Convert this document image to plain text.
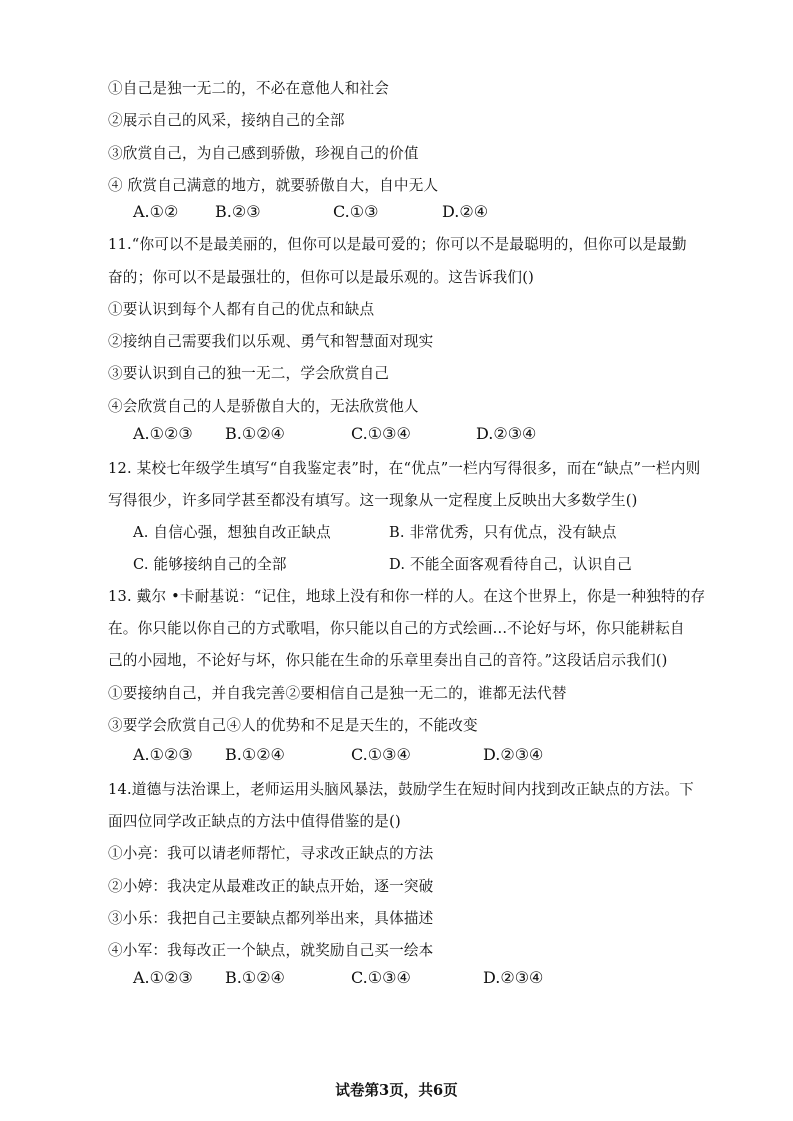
①自己是独一无二的，不必在意他人和社会
②展示自己的风采，接纳自己的全部
③欣赏自己，为自己感到骄傲，珍视自己的价值
④ 欣赏自己满意的地方，就要骄傲自大，自中无人
A.①② B.②③	C.①③	D.②④
11.“你可以不是最美丽的，但你可以是最可爱的；你可以不是最聪明的，但你可以是最勤
奋的；你可以不是最强壮的，但你可以是最乐观的。这告诉我们()
①要认识到每个人都有自己的优点和缺点
②接纳自己需要我们以乐观、勇气和智慧面对现实
③要认识到自己的独一无二，学会欣赏自己
④会欣赏自己的人是骄傲自大的，无法欣赏他人
A.①②③ B.①②④	C.①③④	D.②③④
12. 某校七年级学生填写“自我鉴定表”时，在“优点”一栏内写得很多，而在“缺点”一栏内则
写得很少，许多同学甚至都没有填写。这一现象从一定程度上反映出大多数学生()
A. 自信心强，想独自改正缺点	B. 非常优秀，只有优点，没有缺点
C. 能够接纳自己的全部	D. 不能全面客观看待自己，认识自己
13. 戴尔 •卡耐基说：“记住，地球上没有和你一样的人。在这个世界上，你是一种独特的存
在。你只能以你自己的方式歌唱，你只能以自己的方式绘画...不论好与坏，你只能耕耘自
己的小园地，不论好与坏，你只能在生命的乐章里奏出自己的音符。”这段话启示我们()
①要接纳自己，并自我完善②要相信自己是独一无二的，谁都无法代替
③要学会欣赏自己④人的优势和不足是天生的，不能改变
A.①②③ B.①②④	C.①③④	D.②③④
14.道德与法治课上，老师运用头脑风暴法，鼓励学生在短时间内找到改正缺点的方法。下
面四位同学改正缺点的方法中值得借鉴的是()
①小亮：我可以请老师帮忙，寻求改正缺点的方法
②小婷：我决定从最难改正的缺点开始，逐一突破
③小乐：我把自己主要缺点都列举出来，具体描述
④小军：我每改正一个缺点，就奖励自己买一绘本
A.①②③ B.①②④	C.①③④	D.②③④
试卷第3页，共6页
